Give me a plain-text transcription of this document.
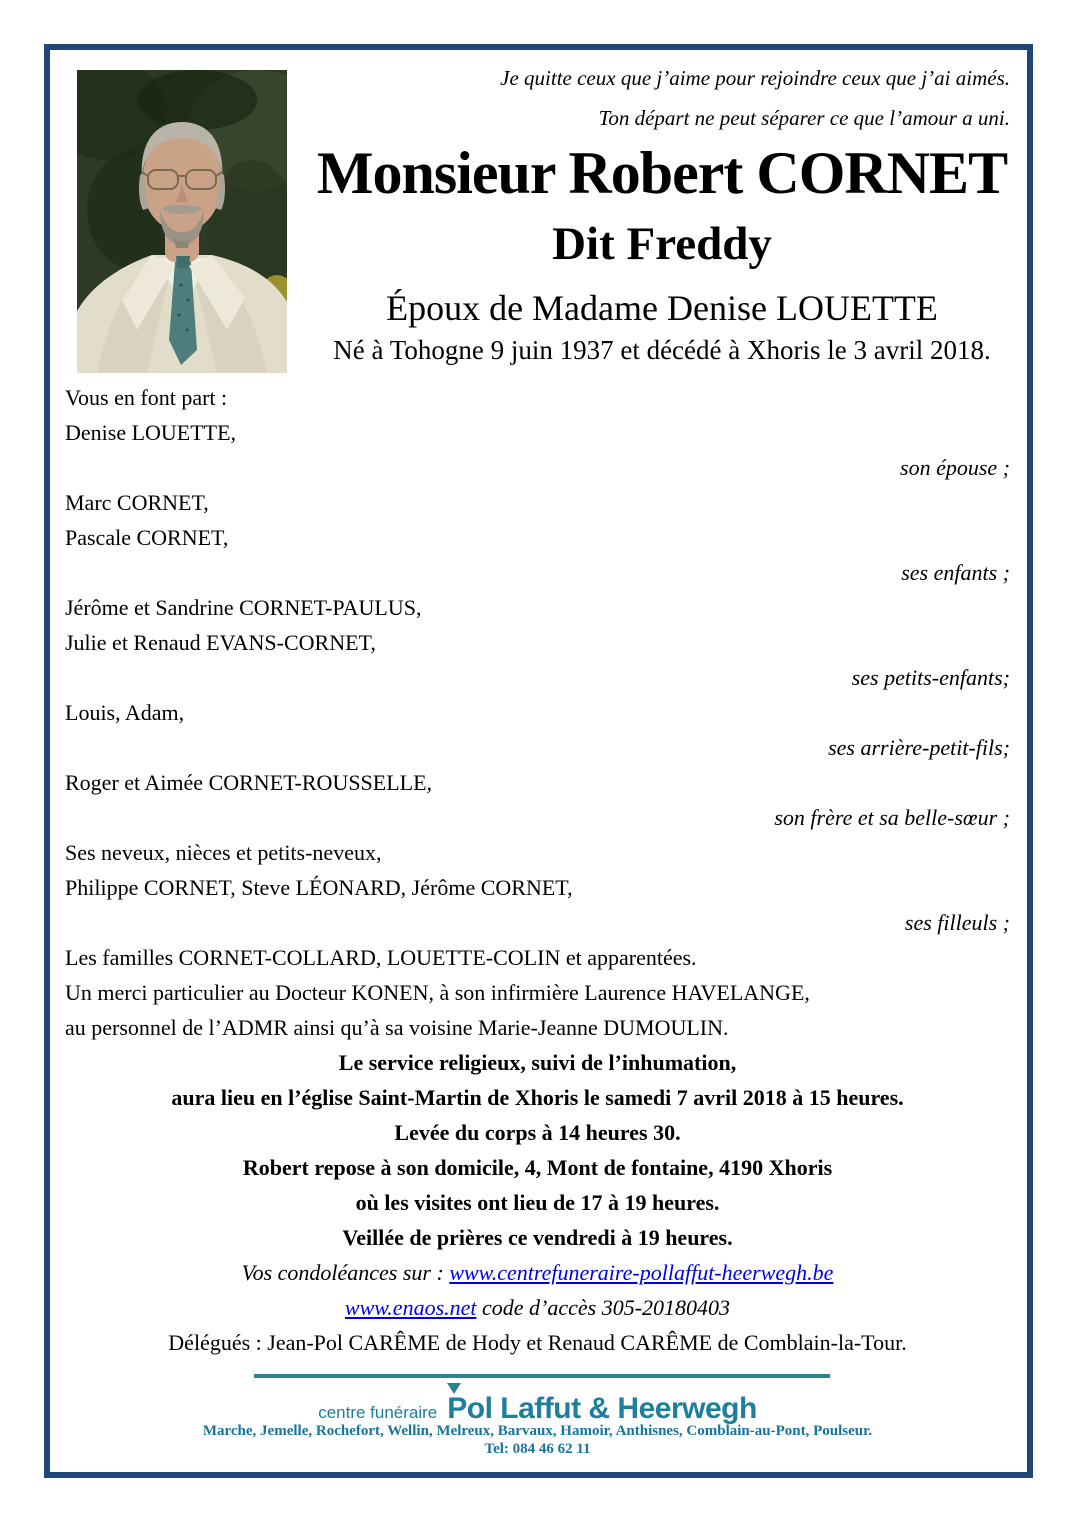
Je quitte ceux que j’aime pour rejoindre ceux que j’ai aimés.
Ton départ ne peut séparer ce que l’amour a uni.
Monsieur Robert CORNET
Dit Freddy
Époux de Madame Denise LOUETTE
Né à Tohogne 9 juin 1937 et décédé à Xhoris le 3 avril 2018.
Vous en font part :
Denise LOUETTE,
son épouse ;
Marc CORNET,
Pascale CORNET,
ses enfants ;
Jérôme et Sandrine CORNET-PAULUS,
Julie et Renaud EVANS-CORNET,
ses petits-enfants;
Louis, Adam,
ses arrière-petit-fils;
Roger et Aimée CORNET-ROUSSELLE,
son frère et sa belle-sœur ;
Ses neveux, nièces et petits-neveux,
Philippe CORNET, Steve LÉONARD, Jérôme CORNET,
ses filleuls ;
Les familles CORNET-COLLARD, LOUETTE-COLIN et apparentées.
Un merci particulier au Docteur KONEN, à son infirmière Laurence HAVELANGE,
au personnel de l’ADMR ainsi qu’à sa voisine Marie-Jeanne DUMOULIN.
Le service religieux, suivi de l’inhumation,
aura lieu en l’église Saint-Martin de Xhoris le samedi 7 avril 2018 à 15 heures.
Levée du corps à 14 heures 30.
Robert repose à son domicile, 4, Mont de fontaine, 4190 Xhoris
où les visites ont lieu de 17 à 19 heures.
Veillée de prières ce vendredi à 19 heures.
Vos condoléances sur : www.centrefuneraire-pollaffut-heerwegh.be
www.enaos.net code d’accès 305-20180403
Délégués : Jean-Pol CARÊME de Hody et Renaud CARÊME de Comblain-la-Tour.
centre funéraire Pol Laffut & Heerwegh
Marche, Jemelle, Rochefort, Wellin, Melreux, Barvaux, Hamoir, Anthisnes, Comblain-au-Pont, Poulseur.
Tel: 084 46 62 11
